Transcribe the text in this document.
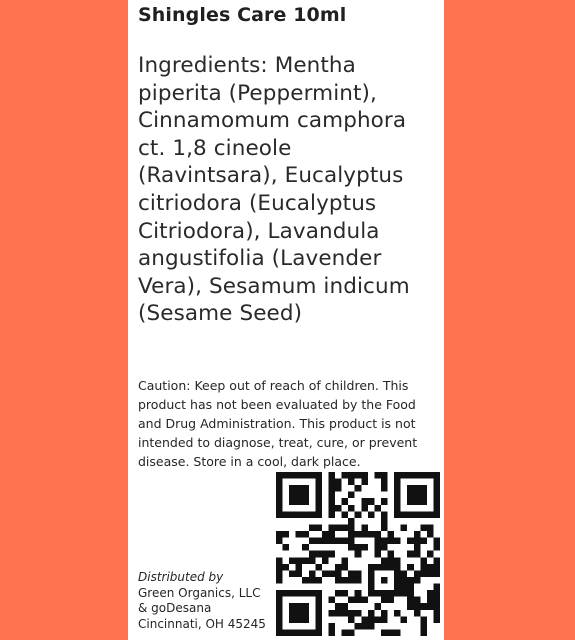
Shingles Care 10ml
Ingredients: Mentha piperita (Peppermint), Cinnamomum camphora ct. 1,8 cineole (Ravintsara), Eucalyptus citriodora (Eucalyptus Citriodora), Lavandula angustifolia (Lavender Vera), Sesamum indicum (Sesame Seed)
Caution: Keep out of reach of children. This product has not been evaluated by the Food and Drug Administration. This product is not intended to diagnose, treat, cure, or prevent disease. Store in a cool, dark place.
Distributed by
Green Organics, LLC
& goDesana
Cincinnati, OH 45245
